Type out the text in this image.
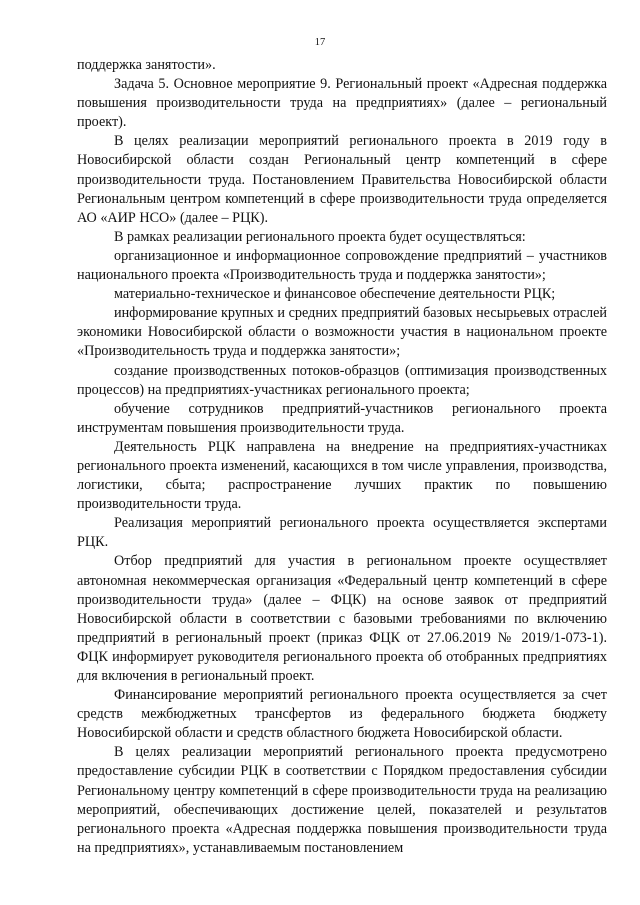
17

поддержка занятости».

Задача 5. Основное мероприятие 9. Региональный проект «Адресная поддержка повышения производительности труда на предприятиях» (далее – региональный проект).

В целях реализации мероприятий регионального проекта в 2019 году в Новосибирской области создан Региональный центр компетенций в сфере производительности труда. Постановлением Правительства Новосибирской области Региональным центром компетенций в сфере производительности труда определяется АО «АИР НСО» (далее – РЦК).

В рамках реализации регионального проекта будет осуществляться:

организационное и информационное сопровождение предприятий – участников национального проекта «Производительность труда и поддержка занятости»;

материально-техническое и финансовое обеспечение деятельности РЦК;

информирование крупных и средних предприятий базовых несырьевых отраслей экономики Новосибирской области о возможности участия в национальном проекте «Производительность труда и поддержка занятости»;

создание производственных потоков-образцов (оптимизация производственных процессов) на предприятиях-участниках регионального проекта;

обучение сотрудников предприятий-участников регионального проекта инструментам повышения производительности труда.

Деятельность РЦК направлена на внедрение на предприятиях-участниках регионального проекта изменений, касающихся в том числе управления, производства, логистики, сбыта; распространение лучших практик по повышению производительности труда.

Реализация мероприятий регионального проекта осуществляется экспертами РЦК.

Отбор предприятий для участия в региональном проекте осуществляет автономная некоммерческая организация «Федеральный центр компетенций в сфере производительности труда» (далее – ФЦК) на основе заявок от предприятий Новосибирской области в соответствии с базовыми требованиями по включению предприятий в региональный проект (приказ ФЦК от 27.06.2019 № 2019/1-073-1). ФЦК информирует руководителя регионального проекта об отобранных предприятиях для включения в региональный проект.

Финансирование мероприятий регионального проекта осуществляется за счет средств межбюджетных трансфертов из федерального бюджета бюджету Новосибирской области и средств областного бюджета Новосибирской области.

В целях реализации мероприятий регионального проекта предусмотрено предоставление субсидии РЦК в соответствии с Порядком предоставления субсидии Региональному центру компетенций в сфере производительности труда на реализацию мероприятий, обеспечивающих достижение целей, показателей и результатов регионального проекта «Адресная поддержка повышения производительности труда на предприятиях», устанавливаемым постановлением
